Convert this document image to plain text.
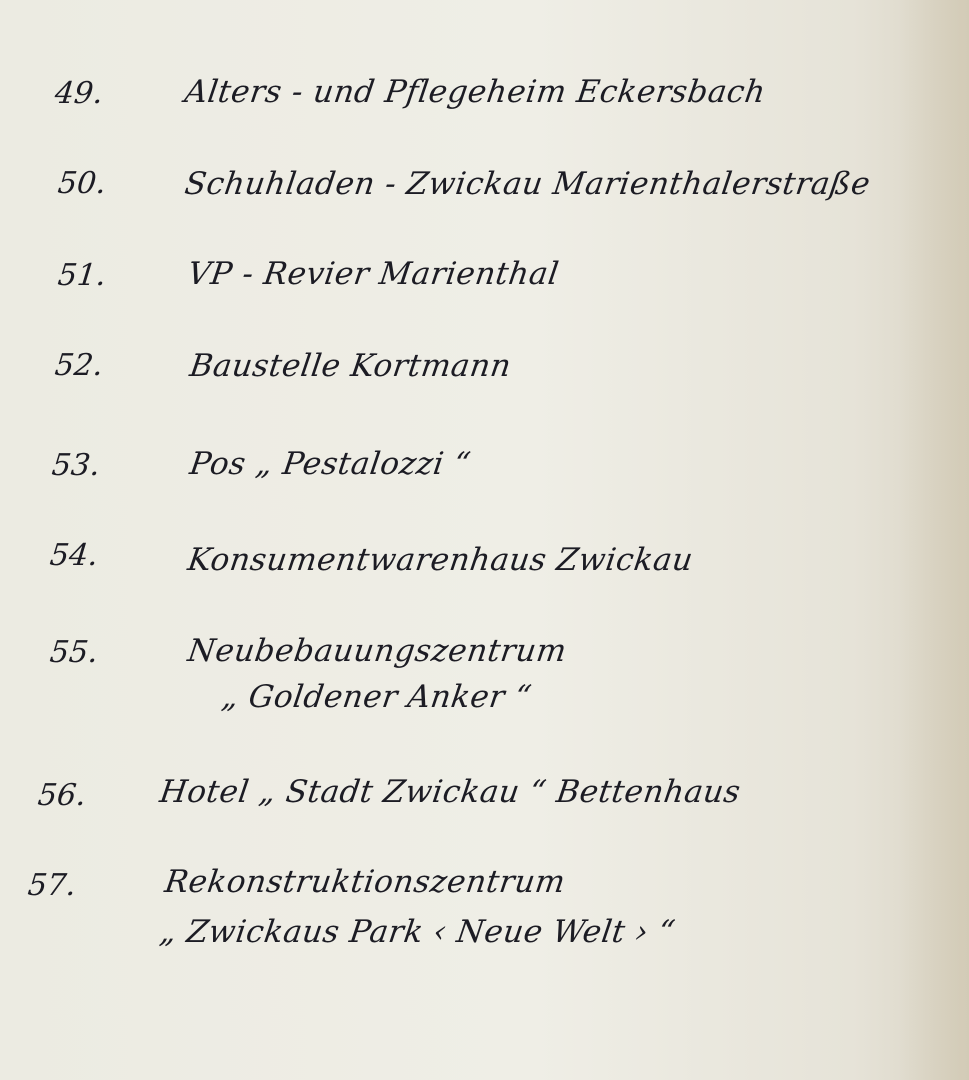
49.	Alters - und Pflegeheim Eckersbach
50.	Schuhladen - Zwickau Marienthalerstraße
51.	VP - Revier Marienthal
52.	Baustelle Kortmann
53.	Pos „ Pestalozzi “
54.	Konsumentwarenhaus Zwickau
55.	Neubebauungszentrum
„ Goldener Anker “
56.	Hotel „ Stadt Zwickau “ Bettenhaus
57.	Rekonstruktionszentrum
„ Zwickaus Park ‹ Neue Welt › “
